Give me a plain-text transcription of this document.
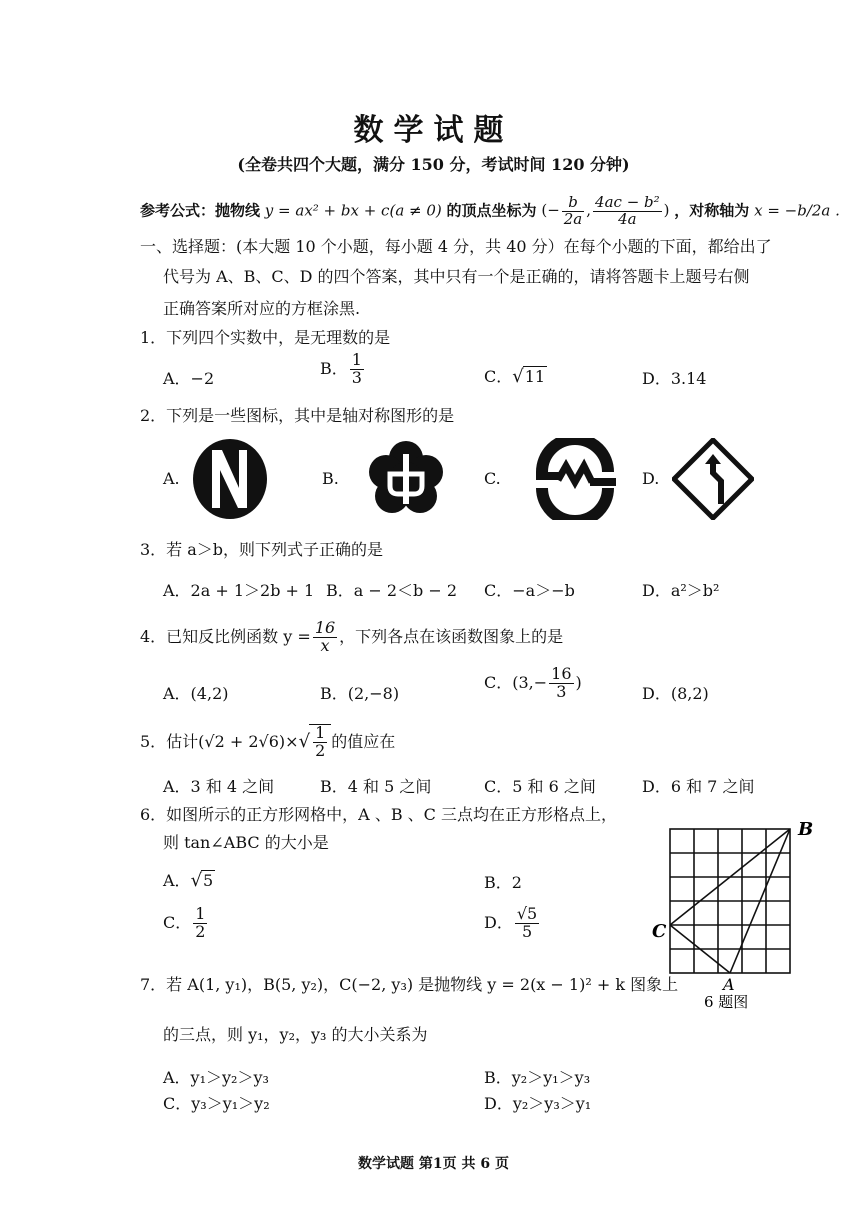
数学试题
(全卷共四个大题，满分 150 分，考试时间 120 分钟)
参考公式：抛物线 y = ax² + bx + c(a ≠ 0) 的顶点坐标为 (− $\frac{b}{2a}$ , $\frac{\text{4ac − b²}}{4a}$ ) ，对称轴为 x = −b/2a .
一、选择题：(本大题 10 个小题，每小题 4 分，共 40 分）在每个小题的下面，都给出了
代号为 A、B、C、D 的四个答案，其中只有一个是正确的，请将答题卡上题号右侧
正确答案所对应的方框涂黑.
1．下列四个实数中，是无理数的是
A．−2
B． $\frac{1}{3}$	C．√11	D．3.14
2．下列是一些图标，其中是轴对称图形的是
A.	B.	C.	D.
3．若 a＞b，则下列式子正确的是
A．2a + 1＞2b + 1 B．a − 2＜b − 2 C．−a＞−b	D．a²＞b²
4．已知反比例函数 $y = \frac{16}{x}$ ，下列各点在该函数图象上的是
A．(4,2)	B．(2,−8)
C．($3,- \frac{16}{3}$ )
D．(8,2)
5．估计$(√2 + 2√6)\times√ \frac{1}{2}$ 的值应在
A．3 和 4 之间	B．4 和 5 之间	C．5 和 6 之间	D．6 和 7 之间
6．如图所示的正方形网格中，A 、B 、C 三点均在正方形格点上，
则 tan∠ABC 的大小是
A．√5	B．2
C． $\frac{1}{2}$	D． $\frac{√5}{5}$
B
C
A
6 题图
7．若 A(1, y₁)，B(5, y₂)，C(−2, y₃) 是抛物线 y = 2(x − 1)² + k 图象上
的三点，则 y₁，y₂，y₃ 的大小关系为
A．y₁＞y₂＞y₃	B．y₂＞y₁＞y₃
C．y₃＞y₁＞y₂	D．y₂＞y₃＞y₁
数学试题 第1页 共 6 页
